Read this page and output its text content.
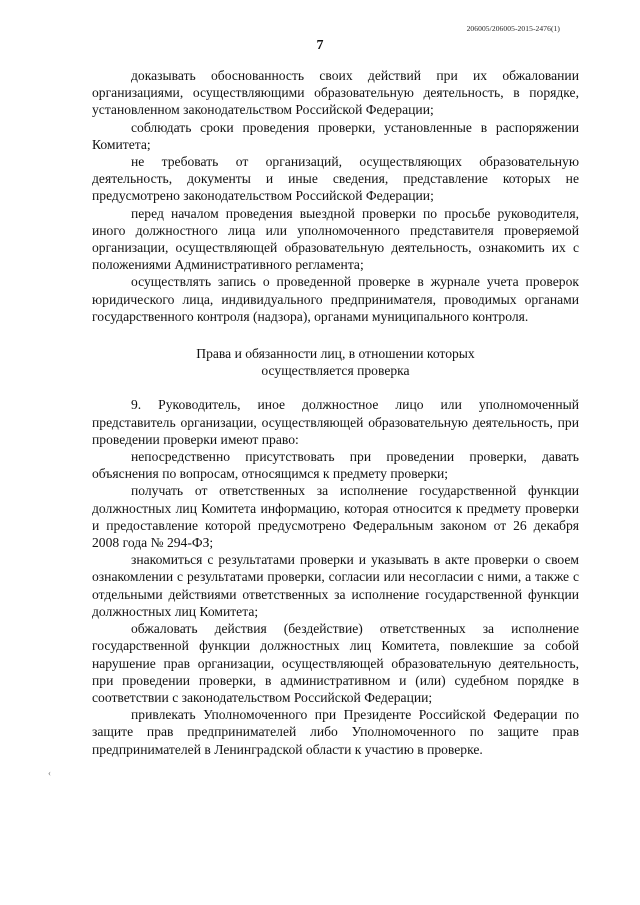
206005/206005-2015-2476(1)
7
‹

доказывать обоснованность своих действий при их обжаловании организациями, осуществляющими образовательную деятельность, в порядке, установленном законодательством Российской Федерации;

соблюдать сроки проведения проверки, установленные в распоряжении Комитета;

не требовать от организаций, осуществляющих образовательную деятельность, документы и иные сведения, представление которых не предусмотрено законодательством Российской Федерации;

перед началом проведения выездной проверки по просьбе руководителя, иного должностного лица или уполномоченного представителя проверяемой организации, осуществляющей образовательную деятельность, ознакомить их с положениями Административного регламента;

осуществлять запись о проведенной проверке в журнале учета проверок юридического лица, индивидуального предпринимателя, проводимых органами государственного контроля (надзора), органами муниципального контроля.

Права и обязанности лиц, в отношении которых
осуществляется проверка

9. Руководитель, иное должностное лицо или уполномоченный представитель организации, осуществляющей образовательную деятельность, при проведении проверки имеют право:

непосредственно присутствовать при проведении проверки, давать объяснения по вопросам, относящимся к предмету проверки;

получать от ответственных за исполнение государственной функции должностных лиц Комитета информацию, которая относится к предмету проверки и предоставление которой предусмотрено Федеральным законом от 26 декабря 2008 года № 294-ФЗ;

знакомиться с результатами проверки и указывать в акте проверки о своем ознакомлении с результатами проверки, согласии или несогласии с ними, а также с отдельными действиями ответственных за исполнение государственной функции должностных лиц Комитета;

обжаловать действия (бездействие) ответственных за исполнение государственной функции должностных лиц Комитета, повлекшие за собой нарушение прав организации, осуществляющей образовательную деятельность, при проведении проверки, в административном и (или) судебном порядке в соответствии с законодательством Российской Федерации;

привлекать Уполномоченного при Президенте Российской Федерации по защите прав предпринимателей либо Уполномоченного по защите прав предпринимателей в Ленинградской области к участию в проверке.
